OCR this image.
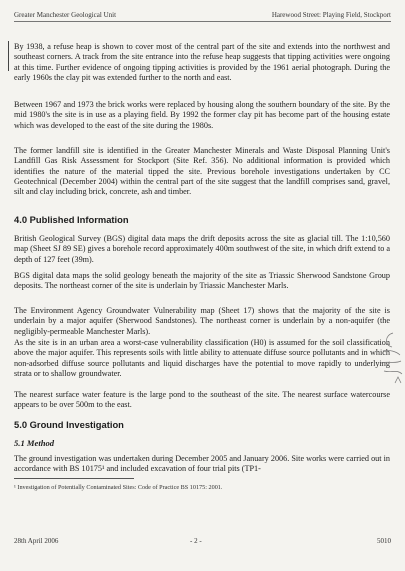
Greater Manchester Geological Unit	Harewood Street: Playing Field, Stockport

By 1938, a refuse heap is shown to cover most of the central part of the site and extends into the northwest and southeast corners. A track from the site entrance into the refuse heap suggests that tipping activities were ongoing at this time. Further evidence of ongoing tipping activities is provided by the 1961 aerial photograph. During the early 1960s the clay pit was extended further to the north and east.

Between 1967 and 1973 the brick works were replaced by housing along the southern boundary of the site. By the mid 1980's the site is in use as a playing field. By 1992 the former clay pit has become part of the housing estate which was developed to the east of the site during the 1980s.

The former landfill site is identified in the Greater Manchester Minerals and Waste Disposal Planning Unit's Landfill Gas Risk Assessment for Stockport (Site Ref. 356). No additional information is provided which identifies the nature of the material tipped the site. Previous borehole investigations undertaken by CC Geotechnical (December 2004) within the central part of the site suggest that the landfill comprises sand, gravel, silt and clay including brick, concrete, ash and timber.

4.0 Published Information

British Geological Survey (BGS) digital data maps the drift deposits across the site as glacial till. The 1:10,560 map (Sheet SJ 89 SE) gives a borehole record approximately 400m southwest of the site, in which drift extend to a depth of 127 feet (39m).

BGS digital data maps the solid geology beneath the majority of the site as Triassic Sherwood Sandstone Group deposits. The northeast corner of the site is underlain by Triassic Manchester Marls.

The Environment Agency Groundwater Vulnerability map (Sheet 17) shows that the majority of the site is underlain by a major aquifer (Sherwood Sandstones). The northeast corner is underlain by a non-aquifer (the negligibly-permeable Manchester Marls).

As the site is in an urban area a worst-case vulnerability classification (H0) is assumed for the soil classification above the major aquifer. This represents soils with little ability to attenuate diffuse source pollutants and in which non-adsorbed diffuse source pollutants and liquid discharges have the potential to move rapidly to underlying strata or to shallow groundwater.

The nearest surface water feature is the large pond to the southeast of the site. The nearest surface watercourse appears to be over 500m to the east.

5.0 Ground Investigation
5.1 Method

The ground investigation was undertaken during December 2005 and January 2006. Site works were carried out in accordance with BS 10175¹ and included excavation of four trial pits (TP1-

¹ Investigation of Potentially Contaminated Sites: Code of Practice BS 10175: 2001.
28th April 2006	- 2 -	5010
